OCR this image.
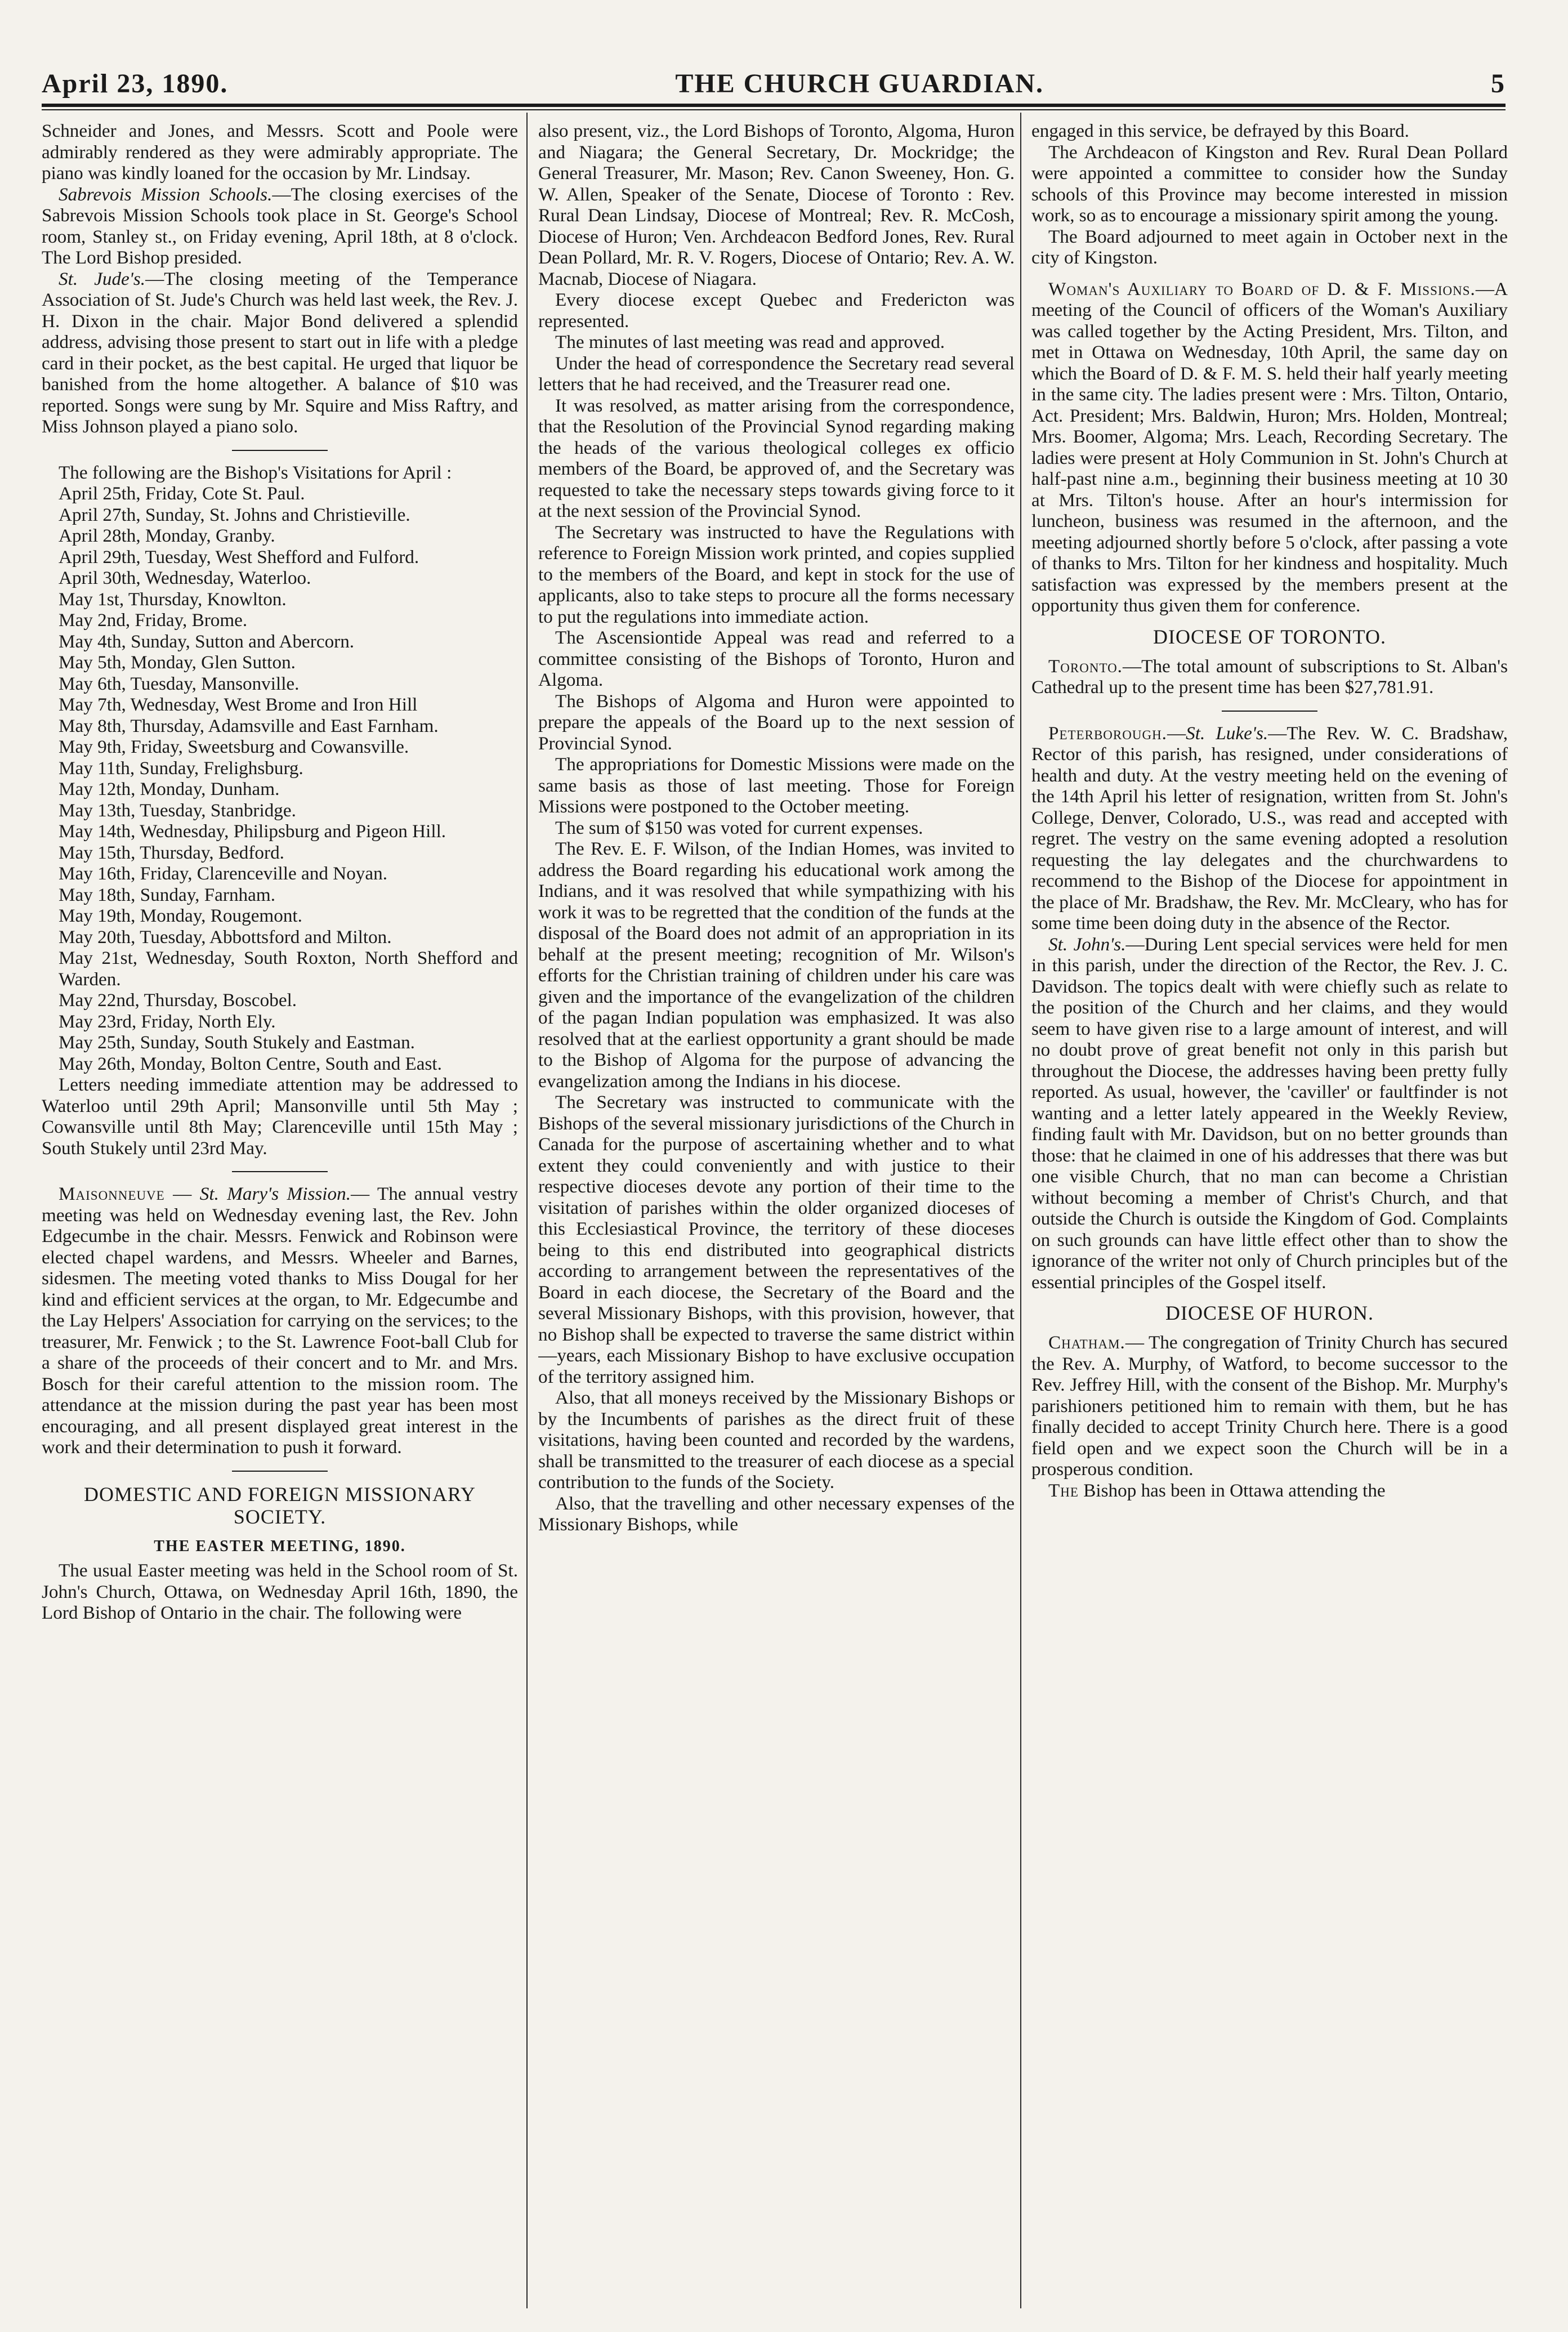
April 23, 1890.	THE CHURCH GUARDIAN.	5

Schneider and Jones, and Messrs. Scott and Poole were admirably rendered as they were admirably appropriate. The piano was kindly loaned for the occasion by Mr. Lindsay.

Sabrevois Mission Schools.—The closing exercises of the Sabrevois Mission Schools took place in St. George's School room, Stanley st., on Friday evening, April 18th, at 8 o'clock. The Lord Bishop presided.

St. Jude's.—The closing meeting of the Temperance Association of St. Jude's Church was held last week, the Rev. J. H. Dixon in the chair. Major Bond delivered a splendid address, advising those present to start out in life with a pledge card in their pocket, as the best capital. He urged that liquor be banished from the home altogether. A balance of $10 was reported. Songs were sung by Mr. Squire and Miss Raftry, and Miss Johnson played a piano solo.

The following are the Bishop's Visitations for April :

April 25th, Friday, Cote St. Paul.

April 27th, Sunday, St. Johns and Christieville.

April 28th, Monday, Granby.

April 29th, Tuesday, West Shefford and Fulford.

April 30th, Wednesday, Waterloo.

May 1st, Thursday, Knowlton.

May 2nd, Friday, Brome.

May 4th, Sunday, Sutton and Abercorn.

May 5th, Monday, Glen Sutton.

May 6th, Tuesday, Mansonville.

May 7th, Wednesday, West Brome and Iron Hill

May 8th, Thursday, Adamsville and East Farnham.

May 9th, Friday, Sweetsburg and Cowansville.

May 11th, Sunday, Frelighsburg.

May 12th, Monday, Dunham.

May 13th, Tuesday, Stanbridge.

May 14th, Wednesday, Philipsburg and Pigeon Hill.

May 15th, Thursday, Bedford.

May 16th, Friday, Clarenceville and Noyan.

May 18th, Sunday, Farnham.

May 19th, Monday, Rougemont.

May 20th, Tuesday, Abbottsford and Milton.

May 21st, Wednesday, South Roxton, North Shefford and Warden.

May 22nd, Thursday, Boscobel.

May 23rd, Friday, North Ely.

May 25th, Sunday, South Stukely and Eastman.

May 26th, Monday, Bolton Centre, South and East.

Letters needing immediate attention may be addressed to Waterloo until 29th April; Mansonville until 5th May ; Cowansville until 8th May; Clarenceville until 15th May ; South Stukely until 23rd May.

Maisonneuve — St. Mary's Mission.— The annual vestry meeting was held on Wednesday evening last, the Rev. John Edgecumbe in the chair. Messrs. Fenwick and Robinson were elected chapel wardens, and Messrs. Wheeler and Barnes, sidesmen. The meeting voted thanks to Miss Dougal for her kind and efficient services at the organ, to Mr. Edgecumbe and the Lay Helpers' Association for carrying on the services; to the treasurer, Mr. Fenwick ; to the St. Lawrence Foot-ball Club for a share of the proceeds of their concert and to Mr. and Mrs. Bosch for their careful attention to the mission room. The attendance at the mission during the past year has been most encouraging, and all present displayed great interest in the work and their determination to push it forward.

DOMESTIC AND FOREIGN MISSIONARY SOCIETY.
THE EASTER MEETING, 1890.

The usual Easter meeting was held in the School room of St. John's Church, Ottawa, on Wednesday April 16th, 1890, the Lord Bishop of Ontario in the chair. The following were

also present, viz., the Lord Bishops of Toronto, Algoma, Huron and Niagara; the General Secretary, Dr. Mockridge; the General Treasurer, Mr. Mason; Rev. Canon Sweeney, Hon. G. W. Allen, Speaker of the Senate, Diocese of Toronto : Rev. Rural Dean Lindsay, Diocese of Montreal; Rev. R. McCosh, Diocese of Huron; Ven. Archdeacon Bedford Jones, Rev. Rural Dean Pollard, Mr. R. V. Rogers, Diocese of Ontario; Rev. A. W. Macnab, Diocese of Niagara.

Every diocese except Quebec and Fredericton was represented.

The minutes of last meeting was read and approved.

Under the head of correspondence the Secretary read several letters that he had received, and the Treasurer read one.

It was resolved, as matter arising from the correspondence, that the Resolution of the Provincial Synod regarding making the heads of the various theological colleges ex officio members of the Board, be approved of, and the Secretary was requested to take the necessary steps towards giving force to it at the next session of the Provincial Synod.

The Secretary was instructed to have the Regulations with reference to Foreign Mission work printed, and copies supplied to the members of the Board, and kept in stock for the use of applicants, also to take steps to procure all the forms necessary to put the regulations into immediate action.

The Ascensiontide Appeal was read and referred to a committee consisting of the Bishops of Toronto, Huron and Algoma.

The Bishops of Algoma and Huron were appointed to prepare the appeals of the Board up to the next session of Provincial Synod.

The appropriations for Domestic Missions were made on the same basis as those of last meeting. Those for Foreign Missions were postponed to the October meeting.

The sum of $150 was voted for current expenses.

The Rev. E. F. Wilson, of the Indian Homes, was invited to address the Board regarding his educational work among the Indians, and it was resolved that while sympathizing with his work it was to be regretted that the condition of the funds at the disposal of the Board does not admit of an appropriation in its behalf at the present meeting; recognition of Mr. Wilson's efforts for the Christian training of children under his care was given and the importance of the evangelization of the children of the pagan Indian population was emphasized. It was also resolved that at the earliest opportunity a grant should be made to the Bishop of Algoma for the purpose of advancing the evangelization among the Indians in his diocese.

The Secretary was instructed to communicate with the Bishops of the several missionary jurisdictions of the Church in Canada for the purpose of ascertaining whether and to what extent they could conveniently and with justice to their respective dioceses devote any portion of their time to the visitation of parishes within the older organized dioceses of this Ecclesiastical Province, the territory of these dioceses being to this end distributed into geographical districts according to arrangement between the representatives of the Board in each diocese, the Secretary of the Board and the several Missionary Bishops, with this provision, however, that no Bishop shall be expected to traverse the same district within—years, each Missionary Bishop to have exclusive occupation of the territory assigned him.

Also, that all moneys received by the Missionary Bishops or by the Incumbents of parishes as the direct fruit of these visitations, having been counted and recorded by the wardens, shall be transmitted to the treasurer of each diocese as a special contribution to the funds of the Society.

Also, that the travelling and other necessary expenses of the Missionary Bishops, while

engaged in this service, be defrayed by this Board.

The Archdeacon of Kingston and Rev. Rural Dean Pollard were appointed a committee to consider how the Sunday schools of this Province may become interested in mission work, so as to encourage a missionary spirit among the young.

The Board adjourned to meet again in October next in the city of Kingston.

Woman's Auxiliary to Board of D. & F. Missions.—A meeting of the Council of officers of the Woman's Auxiliary was called together by the Acting President, Mrs. Tilton, and met in Ottawa on Wednesday, 10th April, the same day on which the Board of D. & F. M. S. held their half yearly meeting in the same city. The ladies present were : Mrs. Tilton, Ontario, Act. President; Mrs. Baldwin, Huron; Mrs. Holden, Montreal; Mrs. Boomer, Algoma; Mrs. Leach, Recording Secretary. The ladies were present at Holy Communion in St. John's Church at half-past nine a.m., beginning their business meeting at 10 30 at Mrs. Tilton's house. After an hour's intermission for luncheon, business was resumed in the afternoon, and the meeting adjourned shortly before 5 o'clock, after passing a vote of thanks to Mrs. Tilton for her kindness and hospitality. Much satisfaction was expressed by the members present at the opportunity thus given them for conference.

DIOCESE OF TORONTO.

Toronto.—The total amount of subscriptions to St. Alban's Cathedral up to the present time has been $27,781.91.

Peterborough.—St. Luke's.—The Rev. W. C. Bradshaw, Rector of this parish, has resigned, under considerations of health and duty. At the vestry meeting held on the evening of the 14th April his letter of resignation, written from St. John's College, Denver, Colorado, U.S., was read and accepted with regret. The vestry on the same evening adopted a resolution requesting the lay delegates and the churchwardens to recommend to the Bishop of the Diocese for appointment in the place of Mr. Bradshaw, the Rev. Mr. McCleary, who has for some time been doing duty in the absence of the Rector.

St. John's.—During Lent special services were held for men in this parish, under the direction of the Rector, the Rev. J. C. Davidson. The topics dealt with were chiefly such as relate to the position of the Church and her claims, and they would seem to have given rise to a large amount of interest, and will no doubt prove of great benefit not only in this parish but throughout the Diocese, the addresses having been pretty fully reported. As usual, however, the 'caviller' or faultfinder is not wanting and a letter lately appeared in the Weekly Review, finding fault with Mr. Davidson, but on no better grounds than those: that he claimed in one of his addresses that there was but one visible Church, that no man can become a Christian without becoming a member of Christ's Church, and that outside the Church is outside the Kingdom of God. Complaints on such grounds can have little effect other than to show the ignorance of the writer not only of Church principles but of the essential principles of the Gospel itself.

DIOCESE OF HURON.

Chatham.— The congregation of Trinity Church has secured the Rev. A. Murphy, of Watford, to become successor to the Rev. Jeffrey Hill, with the consent of the Bishop. Mr. Murphy's parishioners petitioned him to remain with them, but he has finally decided to accept Trinity Church here. There is a good field open and we expect soon the Church will be in a prosperous condition.

The Bishop has been in Ottawa attending the
